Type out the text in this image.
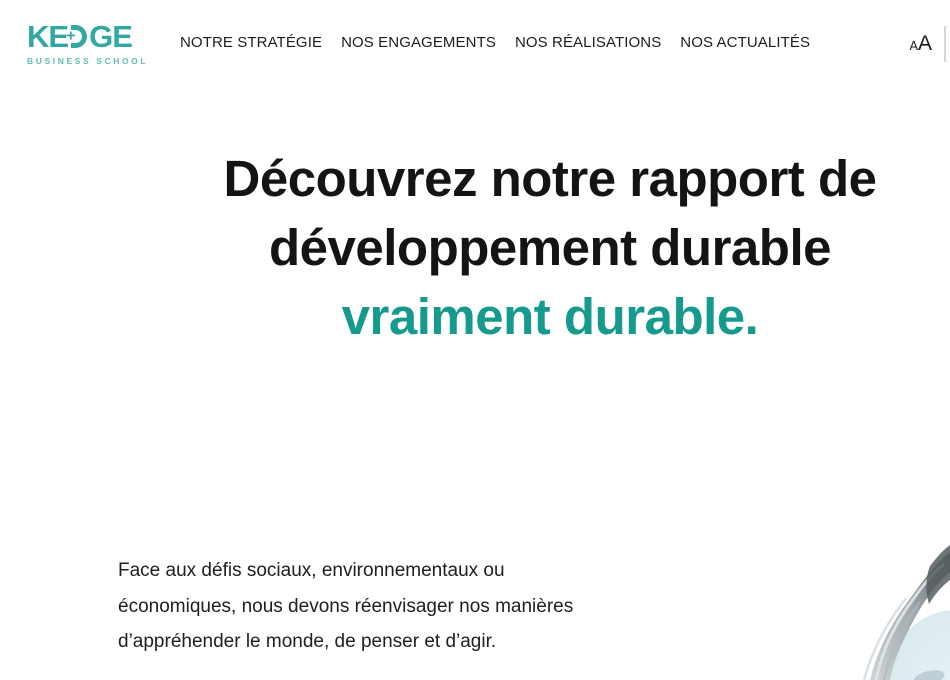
KE
+ GE
BUSINESS SCHOOL
NOTRE STRATÉGIE NOS ENGAGEMENTS NOS RÉALISATIONS NOS ACTUALITÉS	A A
Découvrez notre rapport de
développement durable
vraiment durable.

Face aux défis sociaux, environnementaux ou
économiques, nous devons réenvisager nos manières
d’appréhender le monde, de penser et d’agir.
